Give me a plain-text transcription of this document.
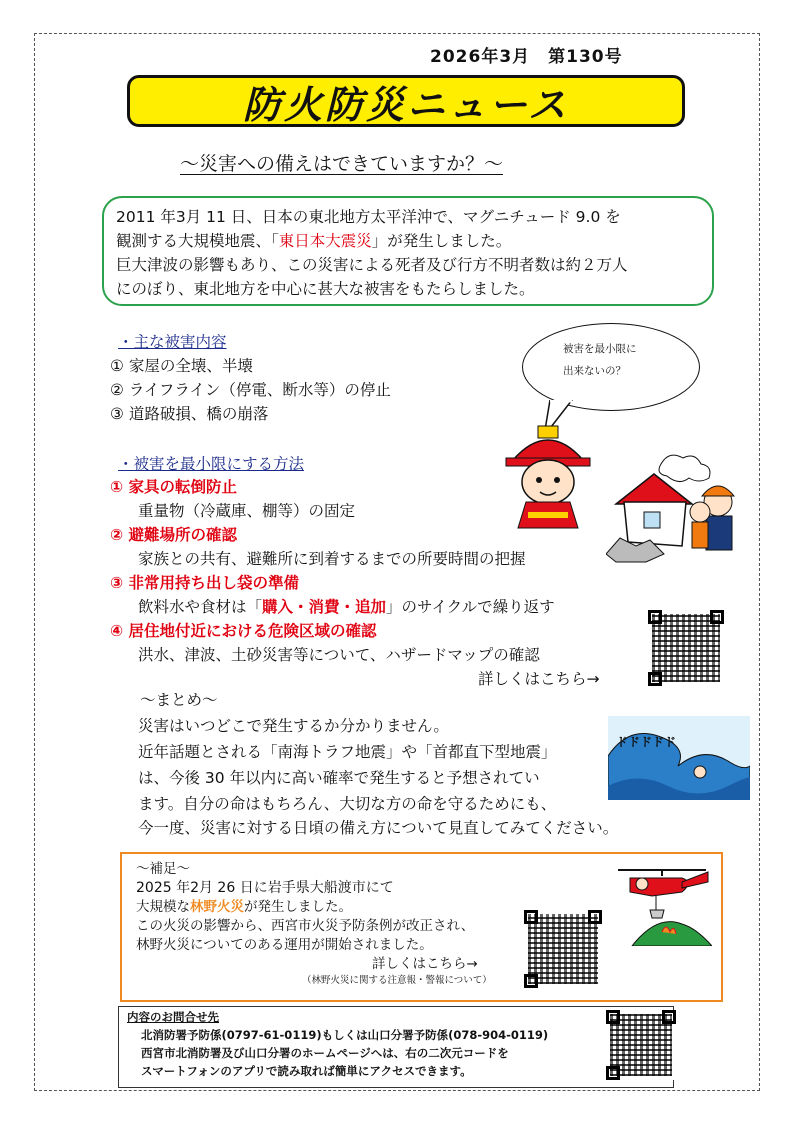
2026年3月　第130号
防火防災ニュース
～災害への備えはできていますか？～
2011 年3月 11 日、日本の東北地方太平洋沖で、マグニチュード 9.0 を
観測する大規模地震、「東日本大震災」が発生しました。
巨大津波の影響もあり、この災害による死者及び行方不明者数は約２万人
にのぼり、東北地方を中心に甚大な被害をもたらしました。
・主な被害内容
① 家屋の全壊、半壊
② ライフライン（停電、断水等）の停止
③ 道路破損、橋の崩落
被害を最小限に
出来ないの？
・被害を最小限にする方法
① 家具の転倒防止
重量物（冷蔵庫、棚等）の固定
② 避難場所の確認
家族との共有、避難所に到着するまでの所要時間の把握
③ 非常用持ち出し袋の準備
飲料水や食材は「購入・消費・追加」のサイクルで繰り返す
④ 居住地付近における危険区域の確認
洪水、津波、土砂災害等について、ハザードマップの確認
詳しくはこちら→
～まとめ～
災害はいつどこで発生するか分かりません。
近年話題とされる「南海トラフ地震」や「首都直下型地震」
は、今後 30 年以内に高い確率で発生すると予想されてい
ます。自分の命はもちろん、大切な方の命を守るためにも、
今一度、災害に対する日頃の備え方について見直してみてください。
ドドドドド
～補足～
2025 年2月 26 日に岩手県大船渡市にて
大規模な林野火災が発生しました。
この火災の影響から、西宮市火災予防条例が改正され、
林野火災についてのある運用が開始されました。
詳しくはこちら→
（林野火災に関する注意報・警報について）
内容のお問合せ先
北消防署予防係(0797-61-0119)もしくは山口分署予防係(078-904-0119)
西宮市北消防署及び山口分署のホームページへは、右の二次元コードを
スマートフォンのアプリで読み取れば簡単にアクセスできます。
